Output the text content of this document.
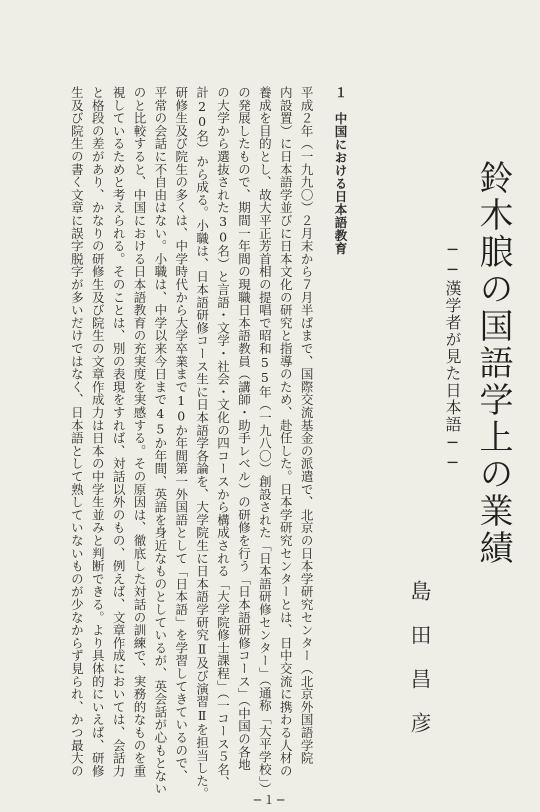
鈴木朖の国語学上の業績
──漢学者が見た日本語──
島田昌彦
１　中国における日本語教育
平成２年（一九九〇）２月末から７月半ばまで、国際交流基金の派遣で、北京の日本学研究センター（北京外国語学院
内設置）に日本語学並びに日本文化の研究と指導のため、赴任した。日本学研究センターとは、日中交流に携わる人材の
養成を目的とし、故大平正芳首相の提唱で昭和55年（一九八〇）創設された「日本語研修センター」（通称「大平学校」）
の発展したもので、期間一年間の現職日本語教員（講師・助手レベル）の研修を行う「日本語研修コース」（中国の各地
の大学から選抜された30名）と言語・文学・社会・文化の四コースから構成される「大学院修士課程」（一コース５名、
計20名）から成る。小職は、日本語研修コース生に日本語学各論を、大学院生に日本語学研究Ⅱ及び演習Ⅱを担当した。
研修生及び院生の多くは、中学時代から大学卒業まで10か年間第一外国語として「日本語」を学習してきているので、
平常の会話に不自由はない。小職は、中学以来今日まで45か年間、英語を身近なものとしているが、英会話が心もとない
のと比較すると、中国における日本語教育の充実度を実感する。その原因は、徹底した対話の訓練で、実務的なものを重
視しているためと考えられる。そのことは、別の表現をすれば、対話以外のもの、例えば、文章作成においては、会話力
と格段の差があり、かなりの研修生及び院生の文章作成力は日本の中学生並みと判断できる。より具体的にいえば、研修
生及び院生の書く文章に誤字脱字が多いだけではなく、日本語として熟していないものが少なからず見られ、かつ最大の
─１─
